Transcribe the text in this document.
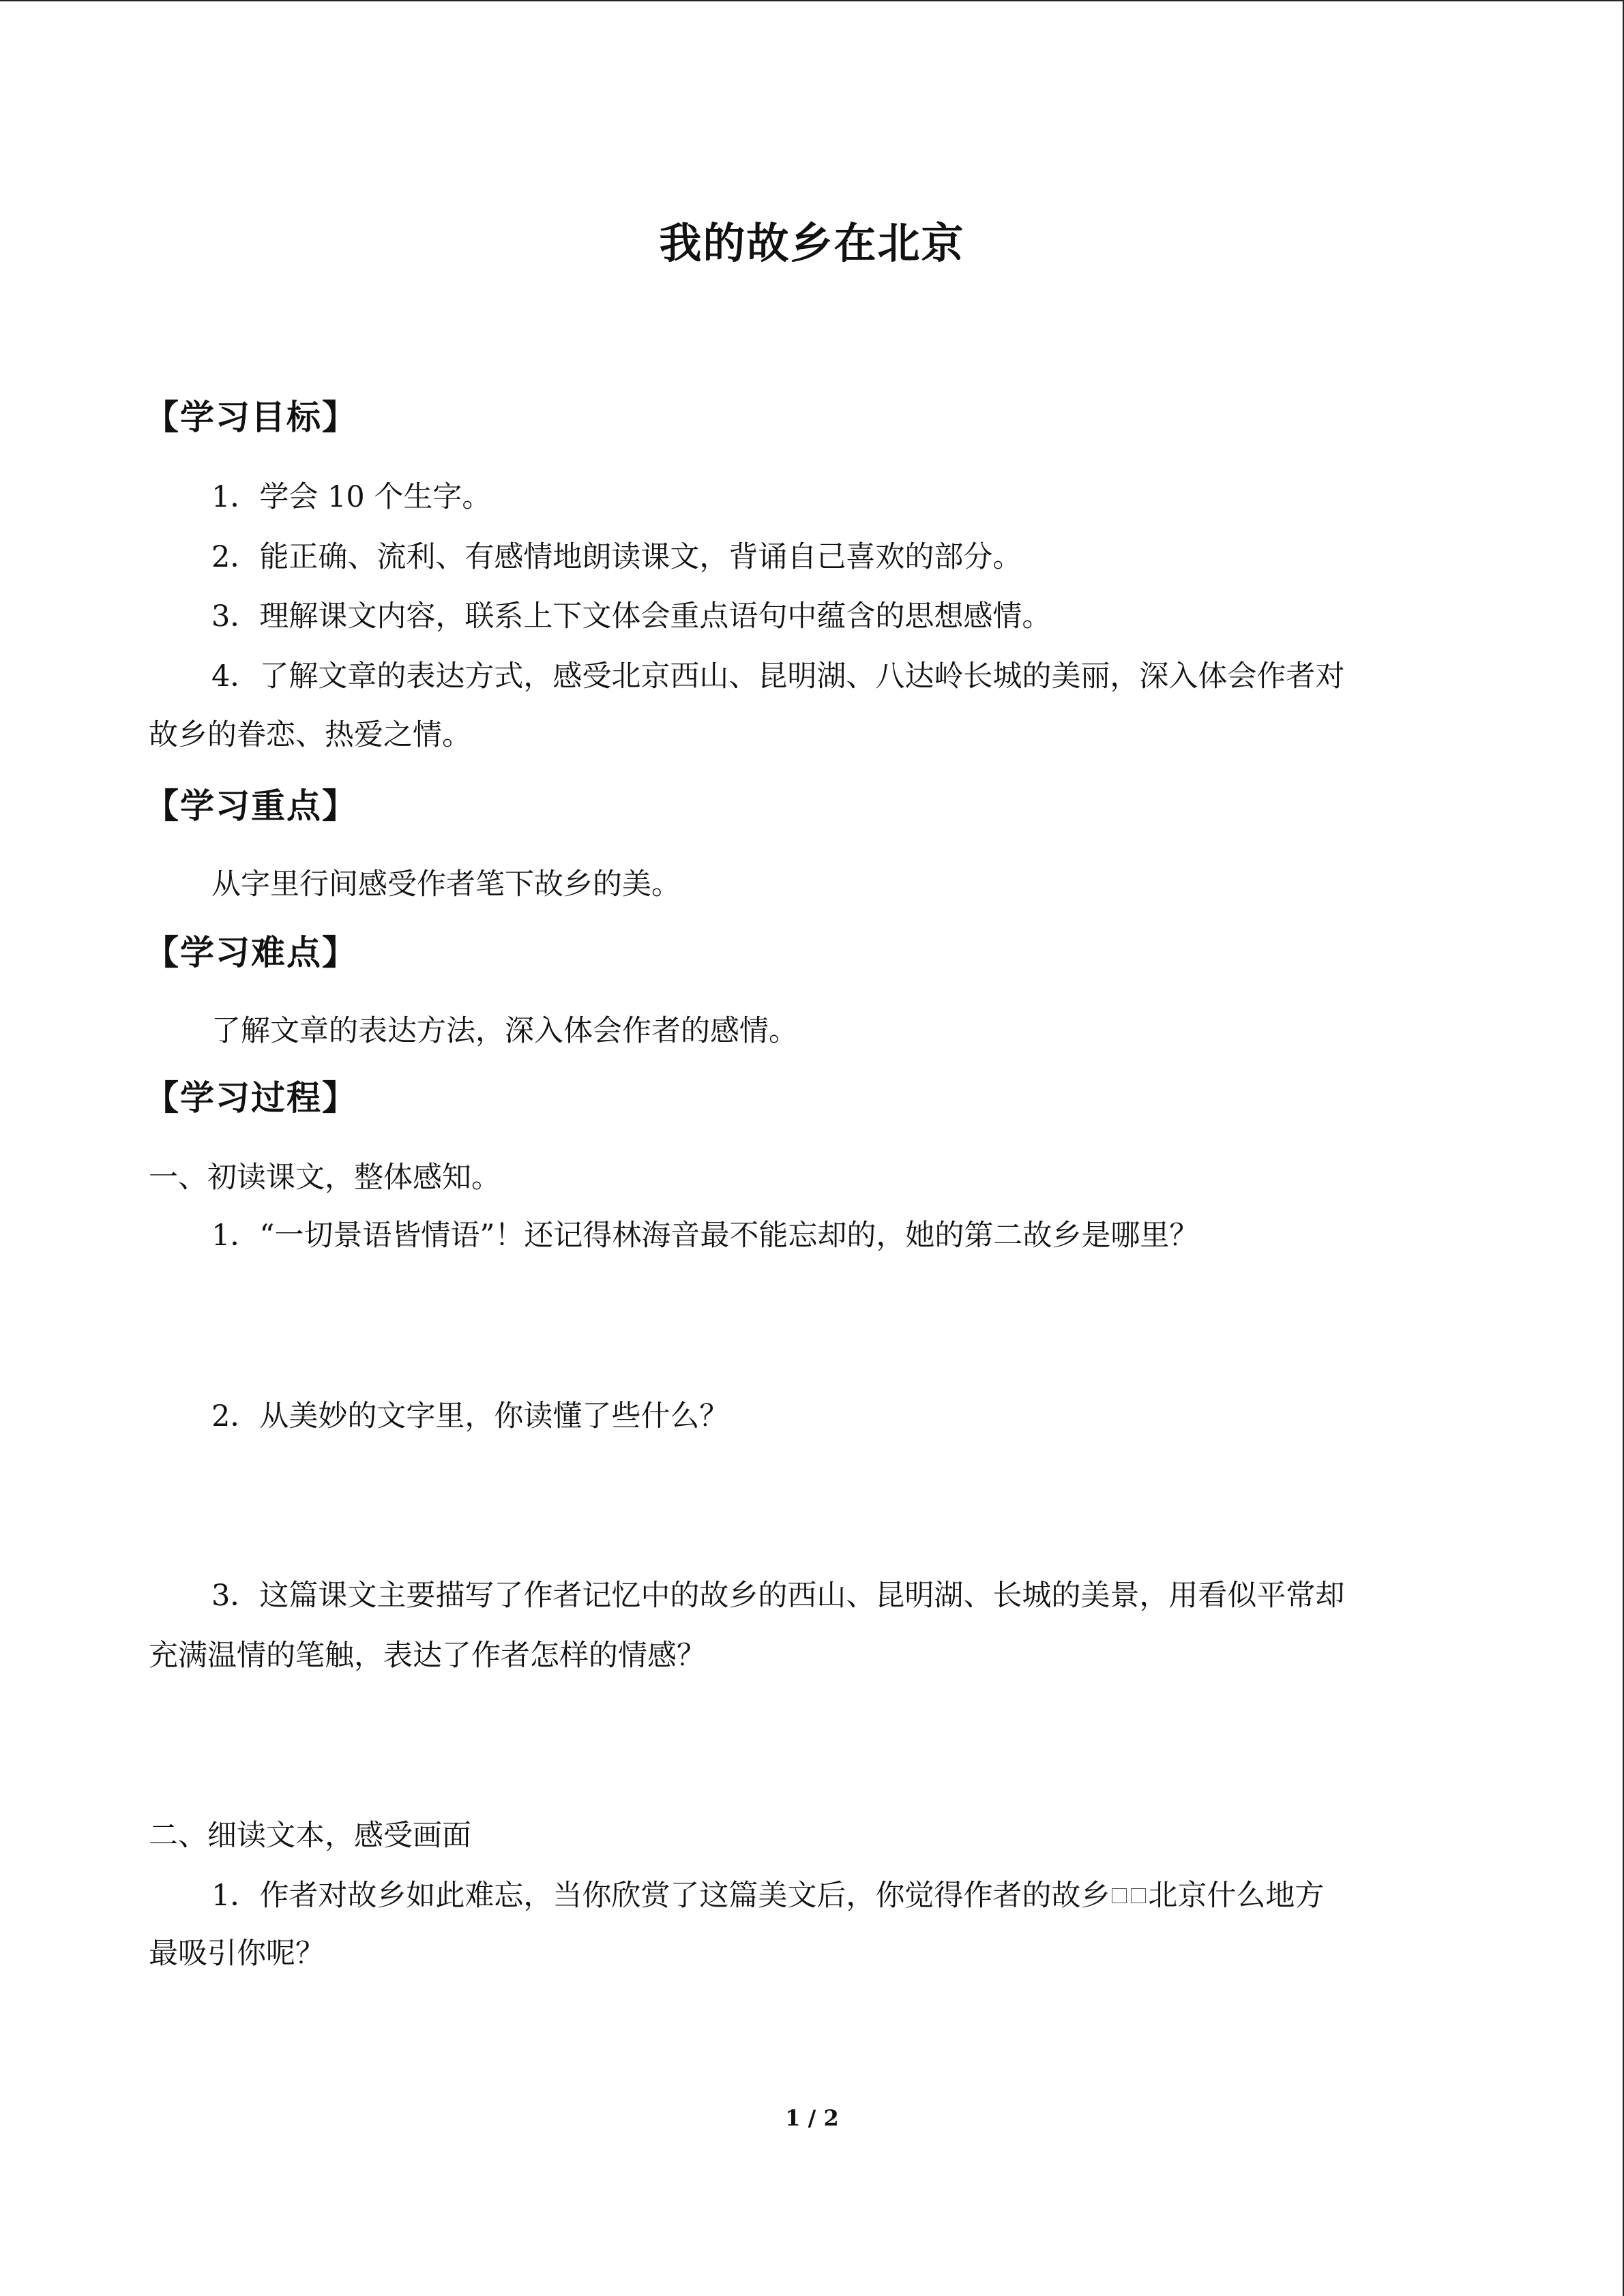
我的故乡在北京
【学习目标】
1．学会 10 个生字。
2．能正确、流利、有感情地朗读课文，背诵自己喜欢的部分。
3．理解课文内容，联系上下文体会重点语句中蕴含的思想感情。
4．了解文章的表达方式，感受北京西山、昆明湖、八达岭长城的美丽，深入体会作者对
故乡的眷恋、热爱之情。
【学习重点】
从字里行间感受作者笔下故乡的美。
【学习难点】
了解文章的表达方法，深入体会作者的感情。
【学习过程】
一、初读课文，整体感知。
1．“一切景语皆情语”！还记得林海音最不能忘却的，她的第二故乡是哪里？
2．从美妙的文字里，你读懂了些什么？
3．这篇课文主要描写了作者记忆中的故乡的西山、昆明湖、长城的美景，用看似平常却
充满温情的笔触，表达了作者怎样的情感？
二、细读文本，感受画面
1．作者对故乡如此难忘，当你欣赏了这篇美文后，你觉得作者的故乡 北京什么地方
最吸引你呢？
1 / 2
